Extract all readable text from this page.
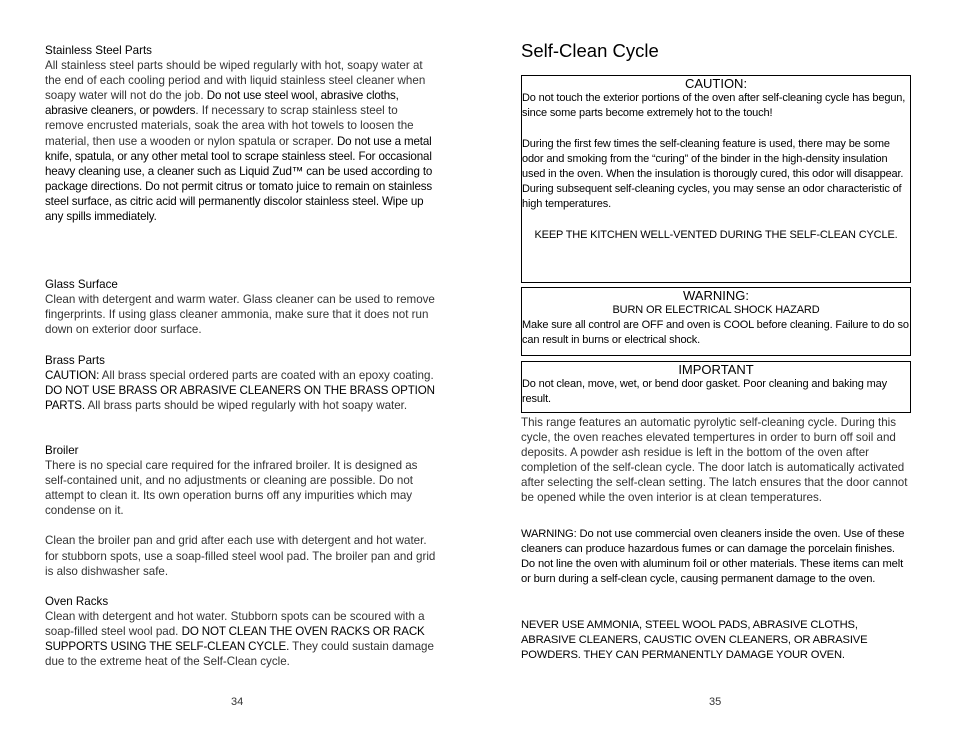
Stainless Steel Parts
All stainless steel parts should be wiped regularly with hot, soapy water at the end of each cooling period and with liquid stainless steel cleaner when soapy water will not do the job. Do not use steel wool, abrasive cloths, abrasive cleaners, or powders. If necessary to scrap stainless steel to remove encrusted materials, soak the area with hot towels to loosen the material, then use a wooden or nylon spatula or scraper. Do not use a metal knife, spatula, or any other metal tool to scrape stainless steel. For occasional heavy cleaning use, a cleaner such as Liquid Zud™ can be used according to package directions. Do not permit citrus or tomato juice to remain on stainless steel surface, as citric acid will permanently discolor stainless steel. Wipe up any spills immediately.
Glass Surface
Clean with detergent and warm water. Glass cleaner can be used to remove fingerprints. If using glass cleaner ammonia, make sure that it does not run down on exterior door surface.
Brass Parts
CAUTION: All brass special ordered parts are coated with an epoxy coating. DO NOT USE BRASS OR ABRASIVE CLEANERS ON THE BRASS OPTION PARTS. All brass parts should be wiped regularly with hot soapy water.
Broiler
There is no special care required for the infrared broiler. It is designed as self-contained unit, and no adjustments or cleaning are possible. Do not attempt to clean it. Its own operation burns off any impurities which may condense on it.
Clean the broiler pan and grid after each use with detergent and hot water. for stubborn spots, use a soap-filled steel wool pad. The broiler pan and grid is also dishwasher safe.
Oven Racks
Clean with detergent and hot water. Stubborn spots can be scoured with a soap-filled steel wool pad. DO NOT CLEAN THE OVEN RACKS OR RACK SUPPORTS USING THE SELF-CLEAN CYCLE. They could sustain damage due to the extreme heat of the Self-Clean cycle.
34
Self-Clean Cycle
CAUTION:

Do not touch the exterior portions of the oven after self-cleaning cycle has begun, since some parts become extremely hot to the touch!

During the first few times the self-cleaning feature is used, there may be some odor and smoking from the “curing” of the binder in the high-density insulation used in the oven. When the insulation is thorougly cured, this odor will disappear. During subsequent self-cleaning cycles, you may sense an odor characteristic of high temperatures.

KEEP THE KITCHEN WELL-VENTED DURING THE SELF-CLEAN CYCLE.

WARNING:

BURN OR ELECTRICAL SHOCK HAZARD

Make sure all control are OFF and oven is COOL before cleaning. Failure to do so can result in burns or electrical shock.

IMPORTANT

Do not clean, move, wet, or bend door gasket. Poor cleaning and baking may result.

This range features an automatic pyrolytic self-cleaning cycle. During this cycle, the oven reaches elevated tempertures in order to burn off soil and deposits. A powder ash residue is left in the bottom of the oven after completion of the self-clean cycle. The door latch is automatically activated after selecting the self-clean setting. The latch ensures that the door cannot be opened while the oven interior is at clean temperatures.

WARNING: Do not use commercial oven cleaners inside the oven. Use of these cleaners can produce hazardous fumes or can damage the porcelain finishes. Do not line the oven with aluminum foil or other materials. These items can melt or burn during a self-clean cycle, causing permanent damage to the oven.

NEVER USE AMMONIA, STEEL WOOL PADS, ABRASIVE CLOTHS, ABRASIVE CLEANERS, CAUSTIC OVEN CLEANERS, OR ABRASIVE POWDERS. THEY CAN PERMANENTLY DAMAGE YOUR OVEN.

35
